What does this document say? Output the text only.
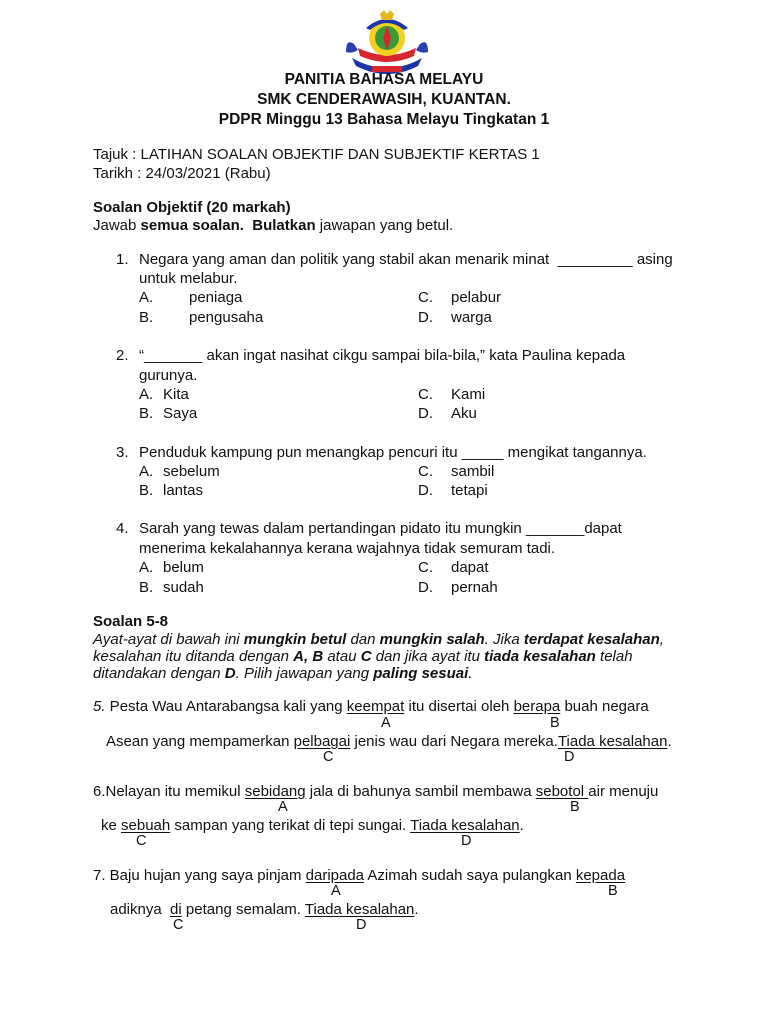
PANITIA BAHASA MELAYU
SMK CENDERAWASIH, KUANTAN.
PDPR Minggu 13 Bahasa Melayu Tingkatan 1
Tajuk : LATIHAN SOALAN OBJEKTIF DAN SUBJEKTIF KERTAS 1
Tarikh : 24/03/2021 (Rabu)
Soalan Objektif (20 markah)
Jawab semua soalan. Bulatkan jawapan yang betul.
1. Negara yang aman dan politik yang stabil akan menarik minat  _________ asing
untuk melabur.
A. peniaga
B. pengusaha
C. pelabur
D. warga
2. “_______ akan ingat nasihat cikgu sampai bila-bila,” kata Paulina kepada
gurunya.
A. Kita
B. Saya
C. Kami
D. Aku
3. Penduduk kampung pun menangkap pencuri itu _____ mengikat tangannya.
A. sebelum
B. lantas
C. sambil
D. tetapi
4. Sarah yang tewas dalam pertandingan pidato itu mungkin _______dapat
menerima kekalahannya kerana wajahnya tidak semuram tadi.
A. belum
B. sudah
C. dapat
D. pernah
Soalan 5-8
Ayat-ayat di bawah ini mungkin betul dan mungkin salah. Jika terdapat kesalahan,
kesalahan itu ditanda dengan A, B atau C dan jika ayat itu tiada kesalahan telah
ditandakan dengan D. Pilih jawapan yang paling sesuai.
5. Pesta Wau Antarabangsa kali yang keempat itu disertai oleh berapa buah negara
A	B
Asean yang mempamerkan pelbagai jenis wau dari Negara mereka.Tiada kesalahan.
C	D
6.Nelayan itu memikul sebidang jala di bahunya sambil membawa sebotol air menuju
A	B
ke sebuah sampan yang terikat di tepi sungai. Tiada kesalahan.
C	D
7. Baju hujan yang saya pinjam daripada Azimah sudah saya pulangkan kepada
A	B
adiknya  di petang semalam. Tiada kesalahan.
C	D
